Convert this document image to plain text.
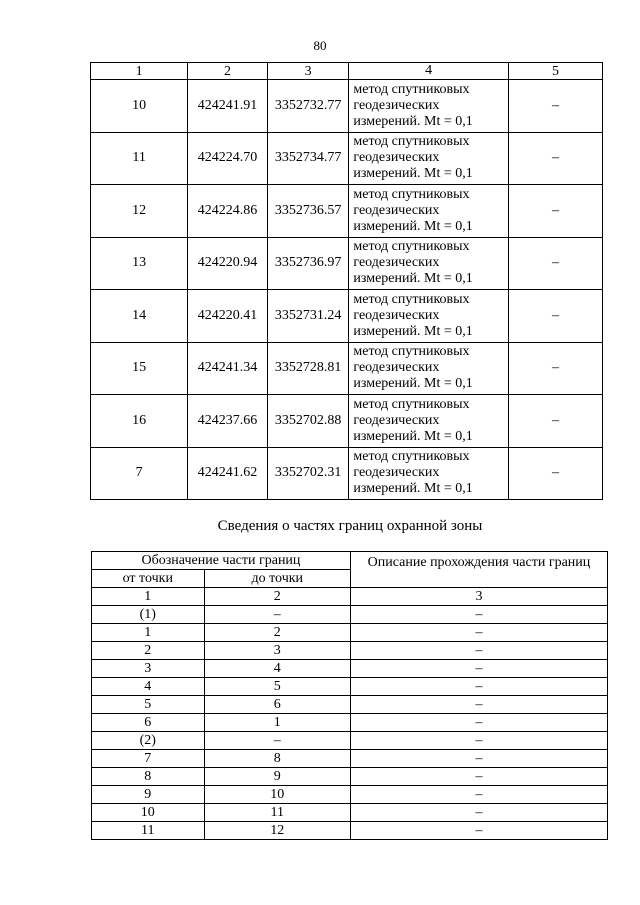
80
1	2	3	4	5
10	424241.91	3352732.77	метод спутниковых
геодезических
измерений. Mt = 0,1	–
11	424224.70	3352734.77	метод спутниковых
геодезических
измерений. Mt = 0,1	–
12	424224.86	3352736.57	метод спутниковых
геодезических
измерений. Mt = 0,1	–
13	424220.94	3352736.97	метод спутниковых
геодезических
измерений. Mt = 0,1	–
14	424220.41	3352731.24	метод спутниковых
геодезических
измерений. Mt = 0,1	–
15	424241.34	3352728.81	метод спутниковых
геодезических
измерений. Mt = 0,1	–
16	424237.66	3352702.88	метод спутниковых
геодезических
измерений. Mt = 0,1	–
7	424241.62	3352702.31	метод спутниковых
геодезических
измерений. Mt = 0,1	–
Сведения о частях границ охранной зоны
Обозначение части границ		Описание прохождения части границ
от точки	до точки	
1	2	3
(1)	–	–
1	2	–
2	3	–
3	4	–
4	5	–
5	6	–
6	1	–
(2)	–	–
7	8	–
8	9	–
9	10	–
10	11	–
11	12	–
